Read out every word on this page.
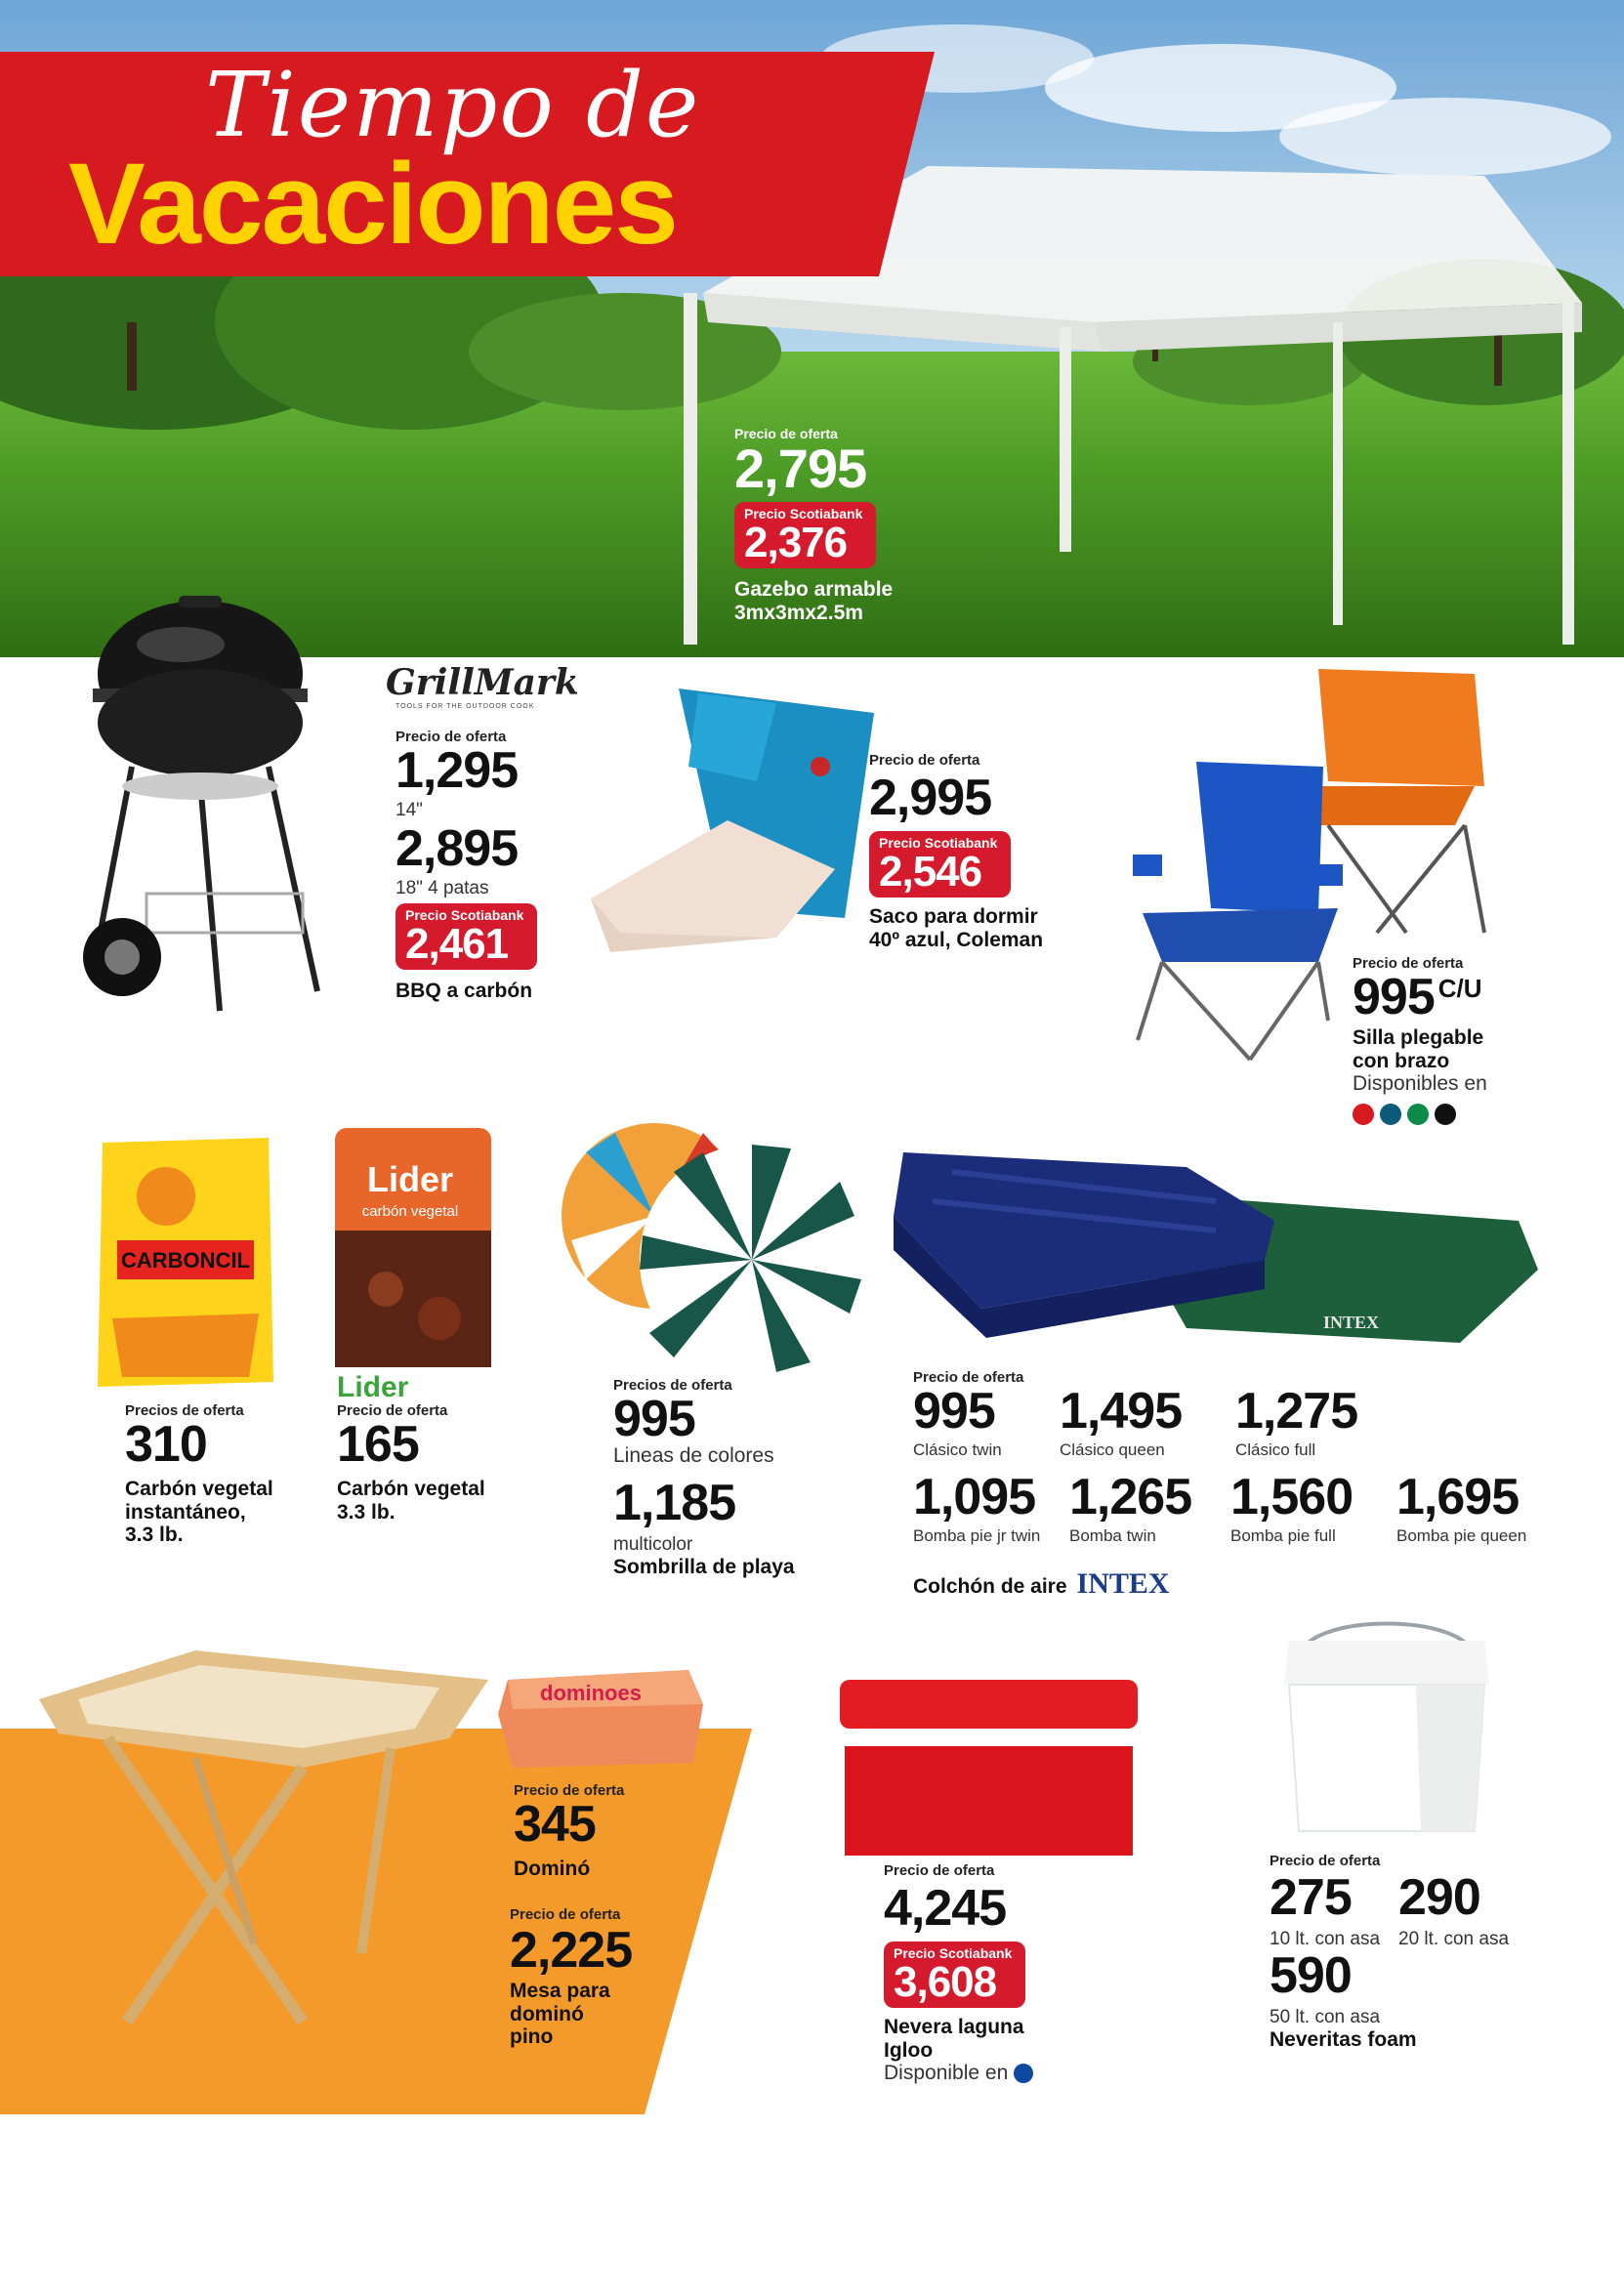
Tiempo de
Vacaciones
Precio de oferta
2,795
Precio Scotiabank
2,376
Gazebo armable
3mx3mx2.5m
GrillMark
TOOLS FOR THE OUTDOOR COOK
Precio de oferta
1,295
14"
2,895
18" 4 patas
Precio Scotiabank
2,461
BBQ a carbón
Precio de oferta
2,995
Precio Scotiabank
2,546
Saco para dormir
40º azul, Coleman
Precio de oferta
995 C/U
Silla plegable
con brazo
Disponibles en
CARBONCIL
Precios de oferta
310
Carbón vegetal
instantáneo,
3.3 lb.
Lider
carbón vegetal
Lider
Precio de oferta
165
Carbón vegetal
3.3 lb.
Precios de oferta
995
Lineas de colores
1,185
multicolor
Sombrilla de playa
INTEX
Precio de oferta
995
Clásico twin
1,495
Clásico queen
1,275
Clásico full
1,095
Bomba pie jr twin
1,265
Bomba twin
1,560
Bomba pie full
1,695
Bomba pie queen
Colchón de aire INTEX
dominoes
Precio de oferta
345
Dominó
Precio de oferta
2,225
Mesa para
dominó
pino
Precio de oferta
4,245
Precio Scotiabank
3,608
Nevera laguna
Igloo
Disponible en
Precio de oferta
275
10 lt. con asa
290
20 lt. con asa
590
50 lt. con asa
Neveritas foam
